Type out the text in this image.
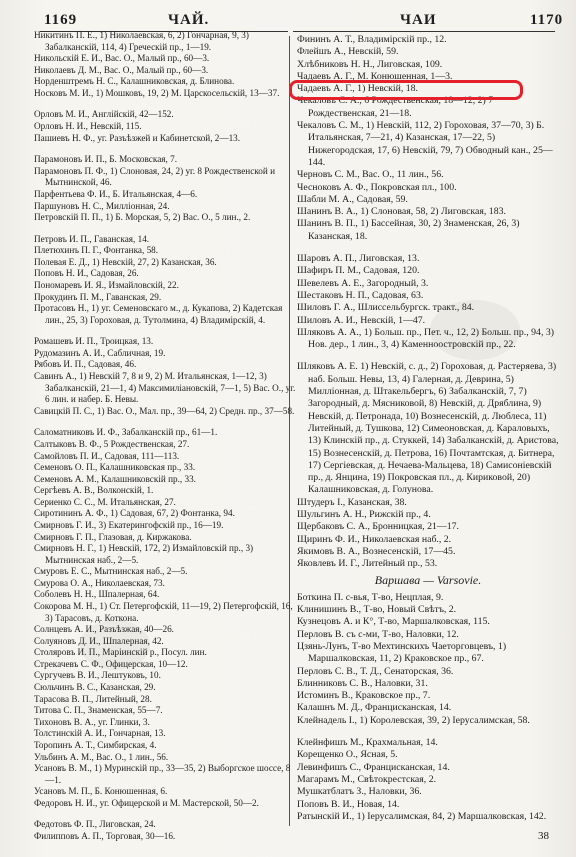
1169	ЧАЙ.	ЧАИ	1170
Никитинъ П. Е., 1) Николаевская, 6, 2) Гончарная, 9, 3) Забалканскій, 114, 4) Греческій пр., 1—19.
Никольскій Е. И., Вас. О., Малый пр., 60—3.
Николаевъ Д. М., Вас. О., Малый пр., 60—3.
Норденштремъ Н. С., Калашниковская, д. Блинова.
Носковъ М. И., 1) Мошковъ, 19, 2) М. Царскосельскій, 13—37.
Орловъ М. И., Англійскій, 42—152.
Орловъ Н. И., Невскій, 115.
Пашиевъ Н. Ф., уг. Разъѣзжей и Кабинетской, 2—13.
Парамоновъ И. П., Б. Московская, 7.
Парамоновъ П. Ф., 1) Слоновая, 24, 2) уг. 8 Рождественской и Мытнинской, 46.
Парфентьева Ф. И., Б. Итальянская, 4—6.
Паршуновъ Н. С., Милліонная, 24.
Петровскій П. П., 1) Б. Морская, 5, 2) Вас. О., 5 лин., 2.
Петровъ И. П., Гаванская, 14.
Плетюхинъ П. Г., Фонтанка, 58.
Полевая Е. Д., 1) Невскій, 27, 2) Казанская, 36.
Поповъ Н. И., Садовая, 26.
Пономаревъ И. Я., Измайловскій, 22.
Прокудинъ П. М., Гаванская, 29.
Протасовъ Н., 1) уг. Семеновскаго м., д. Кукапова, 2) Кадетская лин., 25, 3) Гороховая, д. Тутолмина, 4) Владимірскій, 4.
Ромашевъ И. П., Троицкая, 13.
Рудомазинъ А. И., Сабличная, 19.
Рябовъ И. П., Садовая, 46.
Савинъ А., 1) Невскій 7, 8 и 9, 2) М. Итальянская, 1—12, 3) Забалканскій, 21—1, 4) Максимиліановскій, 7—1, 5) Вас. О., уг. 6 лин. и набер. Б. Невы.
Савицкій П. С., 1) Вас. О., Мал. пр., 39—64, 2) Средн. пр., 37—58.
Саломатниковъ И. Ф., Забалканскій пр., 61—1.
Салтыковъ В. Ф., 5 Рождественская, 27.
Самойловъ П. И., Садовая, 111—113.
Семеновъ О. П., Калашниковская пр., 33.
Семеновъ А. М., Калашниковскій пр., 33.
Сергѣевъ А. В., Волконскій, 1.
Сериенко С. С., М. Итальянская, 27.
Сиротининъ А. Ф., 1) Садовая, 67, 2) Фонтанка, 94.
Смирновъ Г. И., 3) Екатерингофскій пр., 16—19.
Смирновъ Г. П., Глазовая, д. Киржакова.
Смирновъ Н. Г., 1) Невскій, 172, 2) Измайловскій пр., 3) Мытнинская наб., 2—5.
Смуровъ Е. С., Мытнинская наб., 2—5.
Смурова О. А., Николаевская, 73.
Соболевъ Н. Н., Шпалерная, 64.
Сокорова М. Н., 1) Ст. Петергофскій, 11—19, 2) Петергофскій, 16, 3) Тарасовъ, д. Коткона.
Солнцевъ А. И., Разъѣзжая, 40—26.
Солуяновъ Д. И., Шпалерная, 42.
Столяровъ И. П., Маріинскій р., Посул. лин.
Стрекачевъ С. Ф., Офицерская, 10—12.
Сургучевъ В. И., Лештуковъ, 10.
Сюльчинъ В. С., Казанская, 29.
Тарасова В. П., Литейный, 28.
Титова С. П., Знаменская, 55—7.
Тихоновъ В. А., уг. Глинки, 3.
Толстинскій А. И., Гончарная, 13.
Торопинъ А. Т., Симбирская, 4.
Ульбинъ А. М., Вас. О., 1 лин., 56.
Усановъ В. М., 1) Муринскій пр., 33—35, 2) Выборгское шоссе, 8—1.
Усановъ М. П., Б. Конюшенная, 6.
Федоровъ Н. И., уг. Офицерской и М. Мастерской, 50—2.
Федотовъ Ф. П., Лиговская, 24.
Филипповъ А. П., Торговая, 30—16.
Фининъ А. Т., Владимірскій пр., 12.
Флейшъ А., Невскій, 59.
Хлѣбниковъ Н. Н., Лиговская, 109.
Чадаевъ А. Г., М. Конюшенная, 1—3.
Чадаевъ А. Г., 1) Невскій, 18.
Чекаловъ С. А., 6 Рождественская, 18—12, 2) 7 Рождественская, 21—18.
Чекаловъ С. М., 1) Невскій, 112, 2) Гороховая, 37—70, 3) Б. Итальянская, 7—21, 4) Казанская, 17—22, 5) Нижегородская, 17, 6) Невскій, 79, 7) Обводный кан., 25—144.
Черновъ С. М., Вас. О., 11 лин., 56.
Чесноковъ А. Ф., Покровская пл., 100.
Шабли М. А., Садовая, 59.
Шанинъ В. А., 1) Слоновая, 58, 2) Лиговская, 183.
Шанинъ В. П., 1) Бассейная, 30, 2) Знаменская, 26, 3) Казанская, 18.
Шаровъ А. П., Лиговская, 13.
Шафиръ П. М., Садовая, 120.
Шевелевъ А. Е., Загородный, 3.
Шестаковъ Н. П., Садовая, 63.
Шиловъ Г. А., Шлиссельбургск. тракт., 84.
Шиловъ А. И., Невскій, 1—47.
Шляковъ А. А., 1) Больш. пр., Пет. ч., 12, 2) Больш. пр., 94, 3) Нов. дер., 1 лин., 3, 4) Каменноостровскій пр., 22.
Шляковъ А. Е. 1) Невскій, с. д., 2) Гороховая, д. Растеряева, 3) наб. Больш. Невы, 13, 4) Галерная, д. Деврина, 5) Милліонная, д. Штакельбергъ, 6) Забалканскій, 7, 7) Загородный, д. Мясниковой, 8) Невскій, д. Дряблина, 9) Невскій, д. Петронада, 10) Вознесенскій, д. Люблеса, 11) Литейный, д. Тушкова, 12) Симеоновская, д. Караловыхъ, 13) Клинскій пр., д. Стуккей, 14) Забалканскій, д. Аристова, 15) Вознесенскій, д. Петрова, 16) Почтамтская, д. Битнера, 17) Сергіевская, д. Нечаева-Мальцева, 18) Самисоніевскій пр., д. Янцина, 19) Покровская пл., д. Кириковой, 20) Калашниковская, д. Голунова.
Штудеръ І., Казанская, 38.
Шульгинъ А. Н., Рижскій пр., 4.
Щербаковъ С. А., Бронницкая, 21—17.
Щиринъ Ф. И., Николаевская наб., 2.
Якимовъ В. А., Вознесенскій, 17—45.
Яковлевъ И. Г., Литейный пр., 53.
Варшава — Varsovie.
Боткина П. с-вья, Т-во, Нецплая, 9.
Клинишинъ В., Т-во, Новый Свѣтъ, 2.
Кузнецовъ А. и К°, Т-во, Маршалковская, 115.
Перловъ В. съ с-ми, Т-во, Наловки, 12.
Цзянь-Лунъ, Т-во Мехтинскихъ Чаеторговцевъ, 1) Маршалковская, 11, 2) Краковское пр., 67.
Перловъ С. В., Т. Д., Сенаторская, 36.
Блинниковъ С. В., Наловки, 31.
Истоминъ В., Краковское пр., 7.
Калашнъ М. Д., Францисканская, 14.
Клейнадель І., 1) Королевская, 39, 2) Іерусалимская, 58.
Клейнфишъ М., Крахмальная, 14.
Корещенко О., Ясная, 5.
Левинфишъ С., Францисканская, 14.
Магарамъ М., Свѣтокрестская, 2.
Мушкатблатъ З., Наловки, 36.
Поповъ В. И., Новая, 14.
Ратынскій И., 1) Іерусалимская, 84, 2) Маршалковская, 142.
38
